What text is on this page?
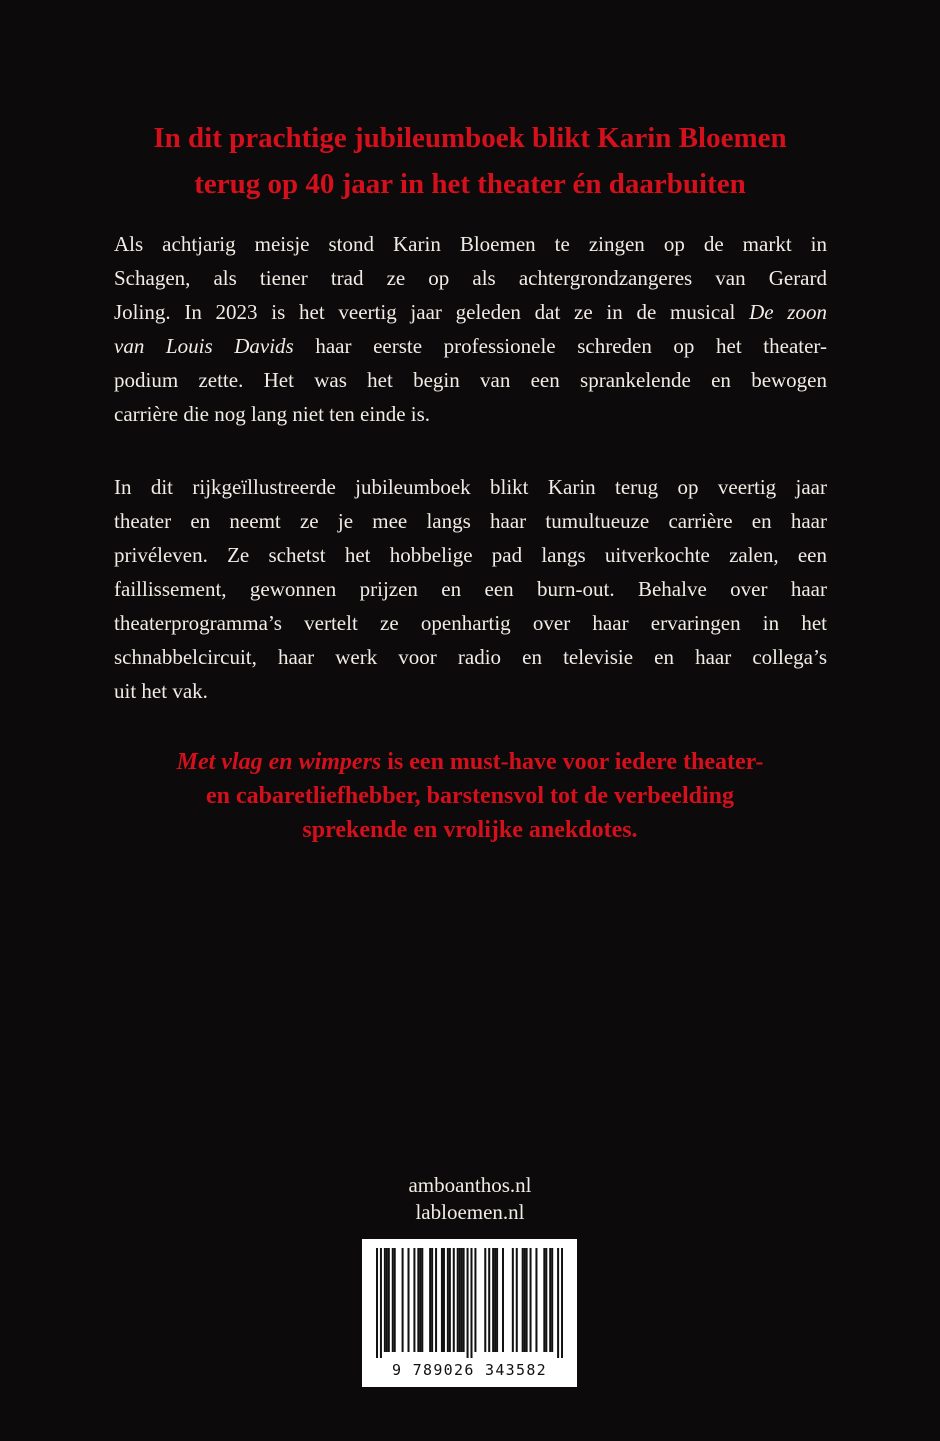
In dit prachtige jubileumboek blikt Karin Bloemen
terug op 40 jaar in het theater én daarbuiten

Als achtjarig meisje stond Karin Bloemen te zingen op de markt in
Schagen, als tiener trad ze op als achtergrondzangeres van Gerard
Joling. In 2023 is het veertig jaar geleden dat ze in de musical De zoon
van Louis Davids haar eerste professionele schreden op het theater-
podium zette. Het was het begin van een sprankelende en bewogen
carrière die nog lang niet ten einde is.

In dit rijkgeïllustreerde jubileumboek blikt Karin terug op veertig jaar
theater en neemt ze je mee langs haar tumultueuze carrière en haar
privéleven. Ze schetst het hobbelige pad langs uitverkochte zalen, een
faillissement, gewonnen prijzen en een burn-out. Behalve over haar
theaterprogramma’s vertelt ze openhartig over haar ervaringen in het
schnabbelcircuit, haar werk voor radio en televisie en haar collega’s
uit het vak.

Met vlag en wimpers is een must-have voor iedere theater-
en cabaretliefhebber, barstensvol tot de verbeelding
sprekende en vrolijke anekdotes.

amboanthos.nl
labloemen.nl
9 789026 343582
